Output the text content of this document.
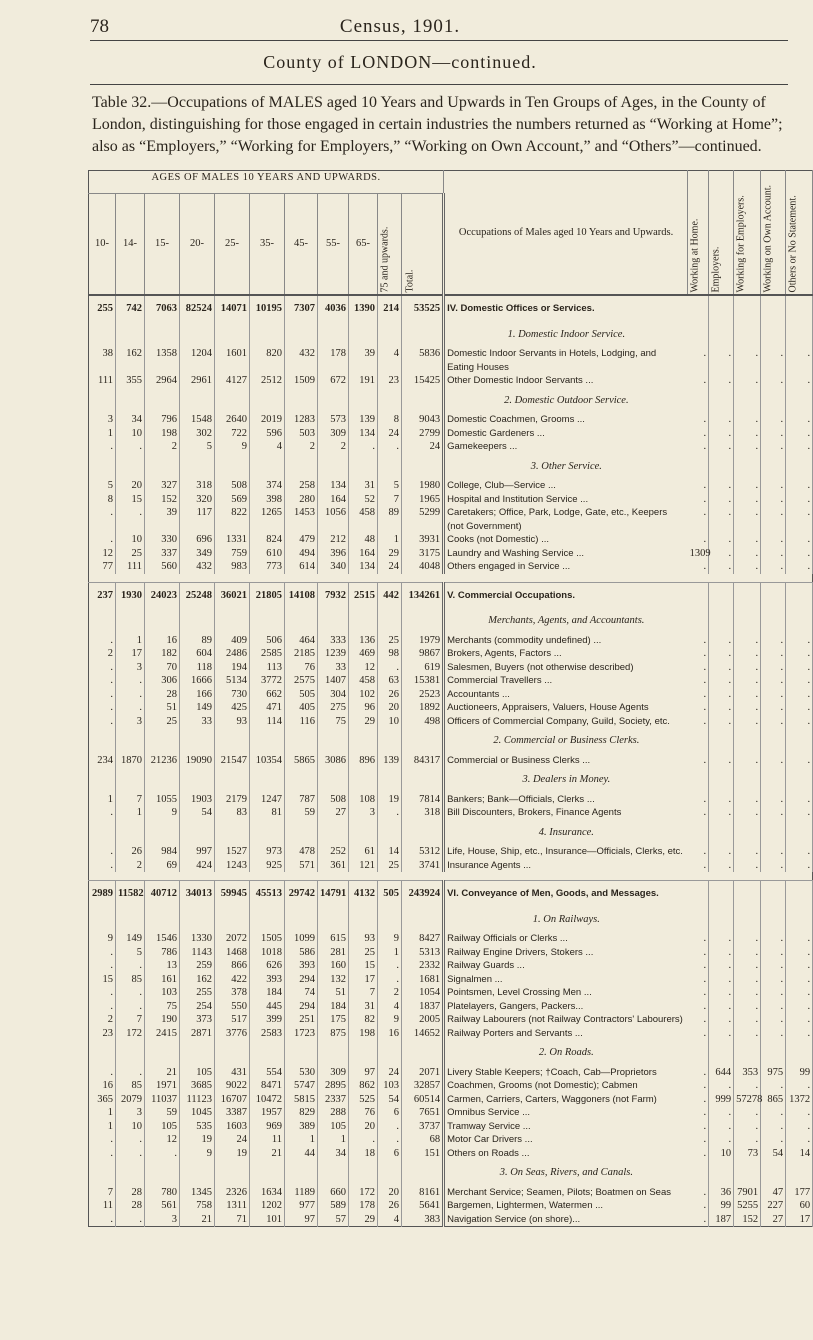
78	Census, 1901.
County of LONDON—continued.
Table 32.—Occupations of MALES aged 10 Years and Upwards in Ten Groups of Ages, in the County of London, distinguishing for those engaged in certain industries the numbers returned as “Working at Home”; also as “Employers,” “Working for Employers,” “Working on Own Account,” and “Others”—continued.
AGES OF MALES 10 YEARS AND UPWARDS.											Occupations of Males aged 10 Years and Upwards.	Working at Home.	Employers.	Working for Employers.	Working on Own Account.	Others or No Statement.
10-	14-	15-	20-	25-	35-	45-	55-	65-	75 and upwards.	Total.						
255	742	7063	82524	14071	10195	7307	4036	1390	214	53525	IV. Domestic Offices or Services.					
											1. Domestic Indoor Service.					
38	162	1358	1204	1601	820	432	178	39	4	5836	Domestic Indoor Servants in Hotels, Lodging, and Eating Houses	.	.	.	.	.
111	355	2964	2961	4127	2512	1509	672	191	23	15425	Other Domestic Indoor Servants ...	.	.	.	.	.
											2. Domestic Outdoor Service.					
3	34	796	1548	2640	2019	1283	573	139	8	9043	Domestic Coachmen, Grooms ...	.	.	.	.	.
1	10	198	302	722	596	503	309	134	24	2799	Domestic Gardeners ...	.	.	.	.	.
.	.	2	5	9	4	2	2	.	.	24	Gamekeepers ...	.	.	.	.	.
											3. Other Service.					
5	20	327	318	508	374	258	134	31	5	1980	College, Club—Service ...	.	.	.	.	.
8	15	152	320	569	398	280	164	52	7	1965	Hospital and Institution Service ...	.	.	.	.	.
.	.	39	117	822	1265	1453	1056	458	89	5299	Caretakers; Office, Park, Lodge, Gate, etc., Keepers (not Government)	.	.	.	.	.
.	10	330	696	1331	824	479	212	48	1	3931	Cooks (not Domestic) ...	.	.	.	.	.
12	25	337	349	759	610	494	396	164	29	3175	Laundry and Washing Service ...	1309	.	.	.	.
77	111	560	432	983	773	614	340	134	24	4048	Others engaged in Service ...	.	.	.	.	.

237	1930	24023	25248	36021	21805	14108	7932	2515	442	134261	V. Commercial Occupations.					
											Merchants, Agents, and Accountants.					
.	1	16	89	409	506	464	333	136	25	1979	Merchants (commodity undefined) ...	.	.	.	.	.
2	17	182	604	2486	2585	2185	1239	469	98	9867	Brokers, Agents, Factors ...	.	.	.	.	.
.	3	70	118	194	113	76	33	12	.	619	Salesmen, Buyers (not otherwise described)	.	.	.	.	.
.	.	306	1666	5134	3772	2575	1407	458	63	15381	Commercial Travellers ...	.	.	.	.	.
.	.	28	166	730	662	505	304	102	26	2523	Accountants ...	.	.	.	.	.
.	.	51	149	425	471	405	275	96	20	1892	Auctioneers, Appraisers, Valuers, House Agents	.	.	.	.	.
.	3	25	33	93	114	116	75	29	10	498	Officers of Commercial Company, Guild, Society, etc.	.	.	.	.	.
											2. Commercial or Business Clerks.					
234	1870	21236	19090	21547	10354	5865	3086	896	139	84317	Commercial or Business Clerks ...	.	.	.	.	.
											3. Dealers in Money.					
1	7	1055	1903	2179	1247	787	508	108	19	7814	Bankers; Bank—Officials, Clerks ...	.	.	.	.	.
.	1	9	54	83	81	59	27	3	.	318	Bill Discounters, Brokers, Finance Agents	.	.	.	.	.
											4. Insurance.					
.	26	984	997	1527	973	478	252	61	14	5312	Life, House, Ship, etc., Insurance—Officials, Clerks, etc.	.	.	.	.	.
.	2	69	424	1243	925	571	361	121	25	3741	Insurance Agents ...	.	.	.	.	.

2989	11582	40712	34013	59945	45513	29742	14791	4132	505	243924	VI. Conveyance of Men, Goods, and Messages.					
											1. On Railways.					
9	149	1546	1330	2072	1505	1099	615	93	9	8427	Railway Officials or Clerks ...	.	.	.	.	.
.	5	786	1143	1468	1018	586	281	25	1	5313	Railway Engine Drivers, Stokers ...	.	.	.	.	.
.	.	13	259	866	626	393	160	15	.	2332	Railway Guards ...	.	.	.	.	.
15	85	161	162	422	393	294	132	17	.	1681	Signalmen ...	.	.	.	.	.
.	.	103	255	378	184	74	51	7	2	1054	Pointsmen, Level Crossing Men ...	.	.	.	.	.
.	.	75	254	550	445	294	184	31	4	1837	Platelayers, Gangers, Packers...	.	.	.	.	.
2	7	190	373	517	399	251	175	82	9	2005	Railway Labourers (not Railway Contractors' Labourers)	.	.	.	.	.
23	172	2415	2871	3776	2583	1723	875	198	16	14652	Railway Porters and Servants ...	.	.	.	.	.
											2. On Roads.					
.	.	21	105	431	554	530	309	97	24	2071	Livery Stable Keepers; †Coach, Cab—Proprietors	.	644	353	975	99
16	85	1971	3685	9022	8471	5747	2895	862	103	32857	Coachmen, Grooms (not Domestic); Cabmen	.	.	.	.	.
365	2079	11037	11123	16707	10472	5815	2337	525	54	60514	Carmen, Carriers, Carters, Waggoners (not Farm)	.	999	57278	865	1372
1	3	59	1045	3387	1957	829	288	76	6	7651	Omnibus Service ...	.	.	.	.	.
1	10	105	535	1603	969	389	105	20	.	3737	Tramway Service ...	.	.	.	.	.
.	.	12	19	24	11	1	1	.	.	68	Motor Car Drivers ...	.	.	.	.	.
.	.	.	9	19	21	44	34	18	6	151	Others on Roads ...	.	10	73	54	14
											3. On Seas, Rivers, and Canals.					
7	28	780	1345	2326	1634	1189	660	172	20	8161	Merchant Service; Seamen, Pilots; Boatmen on Seas	.	36	7901	47	177
11	28	561	758	1311	1202	977	589	178	26	5641	Bargemen, Lightermen, Watermen ...	.	99	5255	227	60
.	.	3	21	71	101	97	57	29	4	383	Navigation Service (on shore)...	.	187	152	27	17
